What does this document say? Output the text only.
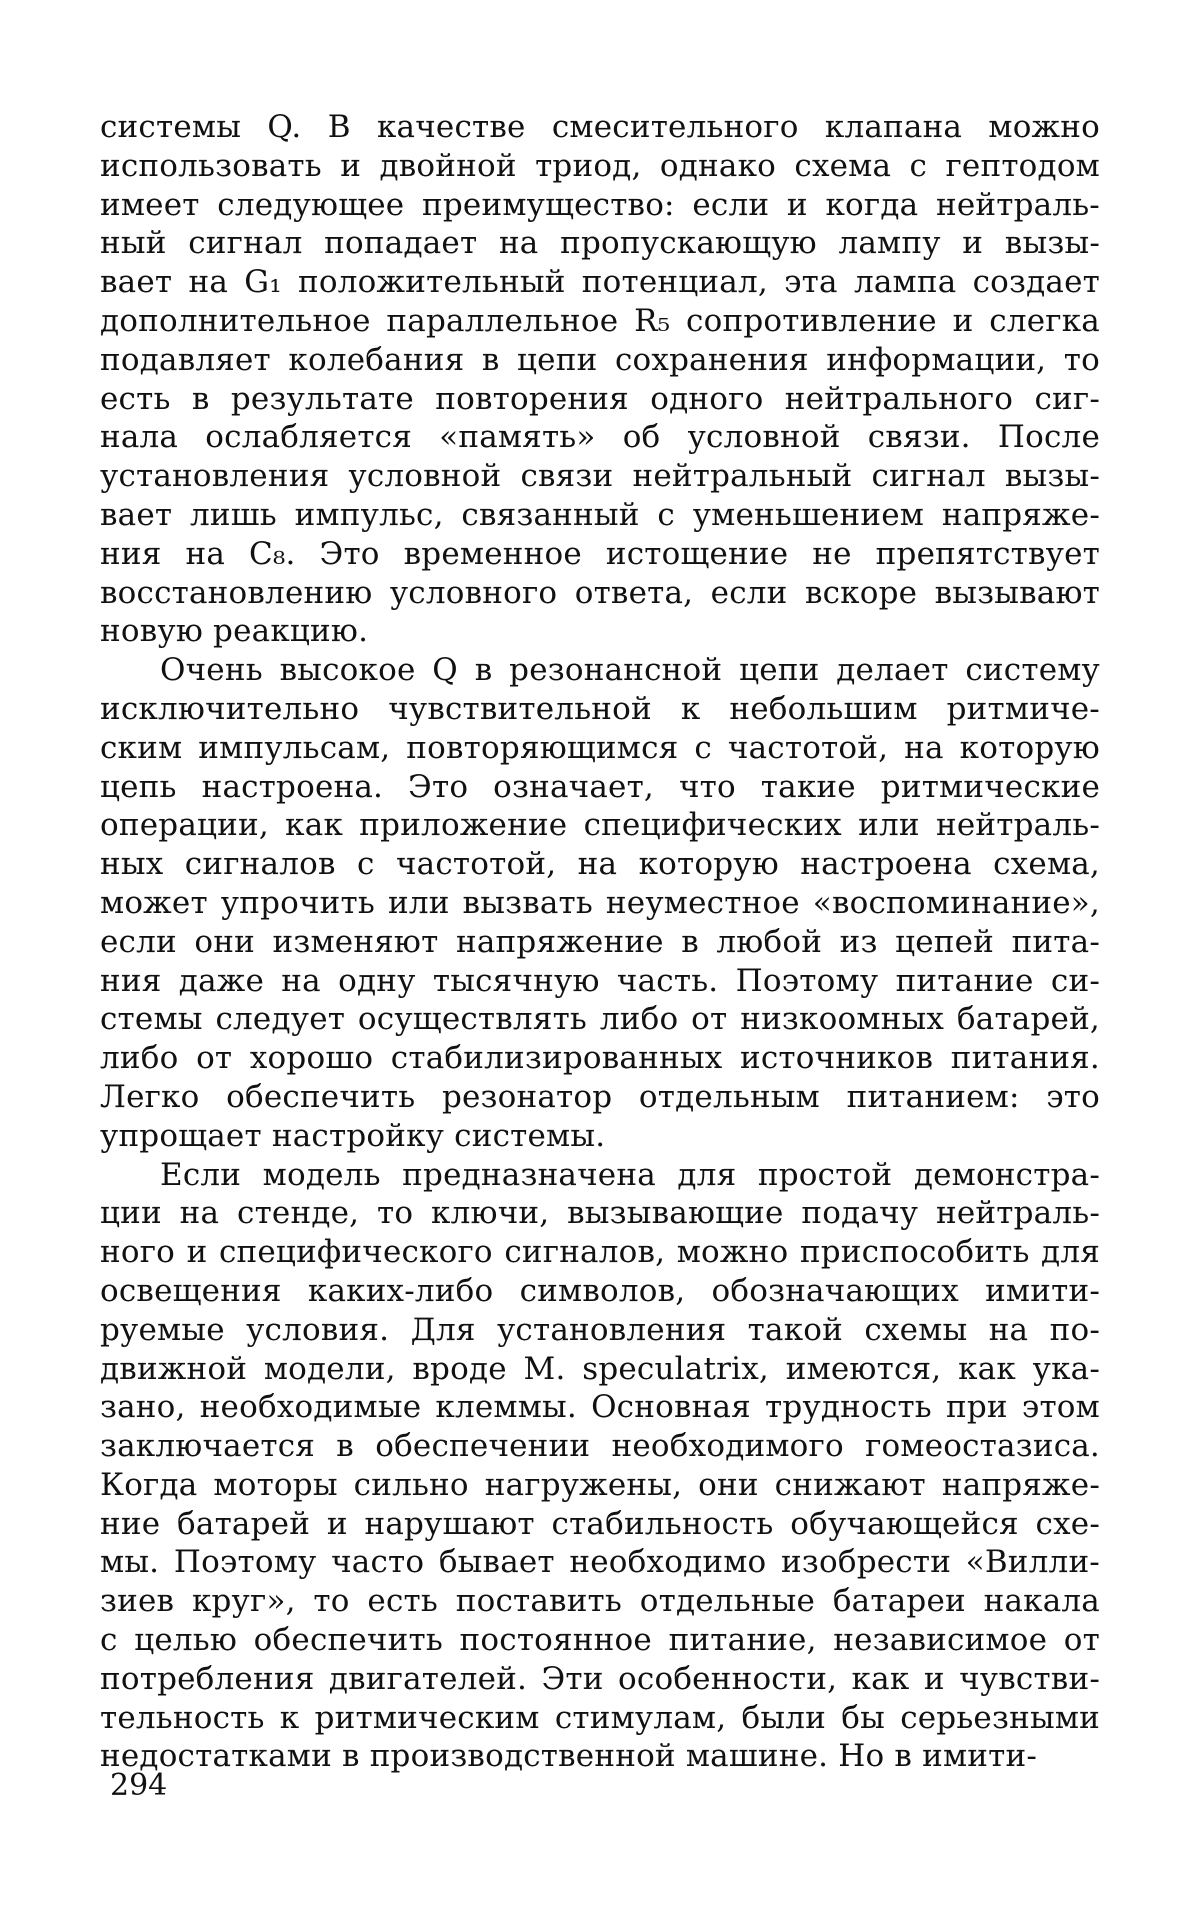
системы Q. В качестве смесительного клапана можно
использовать и двойной триод, однако схема с гептодом
имеет следующее преимущество: если и когда нейтраль-
ный сигнал попадает на пропускающую лампу и вызы-
вает на G₁ положительный потенциал, эта лампа создает
дополнительное параллельное R₅ сопротивление и слегка
подавляет колебания в цепи сохранения информации, то
есть в результате повторения одного нейтрального сиг-
нала ослабляется «память» об условной связи. После
установления условной связи нейтральный сигнал вызы-
вает лишь импульс, связанный с уменьшением напряже-
ния на C₈. Это временное истощение не препятствует
восстановлению условного ответа, если вскоре вызывают
новую реакцию.
Очень высокое Q в резонансной цепи делает систему
исключительно чувствительной к небольшим ритмиче-
ским импульсам, повторяющимся с частотой, на которую
цепь настроена. Это означает, что такие ритмические
операции, как приложение специфических или нейтраль-
ных сигналов с частотой, на которую настроена схема,
может упрочить или вызвать неуместное «воспоминание»,
если они изменяют напряжение в любой из цепей пита-
ния даже на одну тысячную часть. Поэтому питание си-
стемы следует осуществлять либо от низкоомных батарей,
либо от хорошо стабилизированных источников питания.
Легко обеспечить резонатор отдельным питанием: это
упрощает настройку системы.
Если модель предназначена для простой демонстра-
ции на стенде, то ключи, вызывающие подачу нейтраль-
ного и специфического сигналов, можно приспособить для
освещения каких-либо символов, обозначающих имити-
руемые условия. Для установления такой схемы на по-
движной модели, вроде M. speculatrix, имеются, как ука-
зано, необходимые клеммы. Основная трудность при этом
заключается в обеспечении необходимого гомеостазиса.
Когда моторы сильно нагружены, они снижают напряже-
ние батарей и нарушают стабильность обучающейся схе-
мы. Поэтому часто бывает необходимо изобрести «Вилли-
зиев круг», то есть поставить отдельные батареи накала
с целью обеспечить постоянное питание, независимое от
потребления двигателей. Эти особенности, как и чувстви-
тельность к ритмическим стимулам, были бы серьезными
недостатками в производственной машине. Но в имити-
294
